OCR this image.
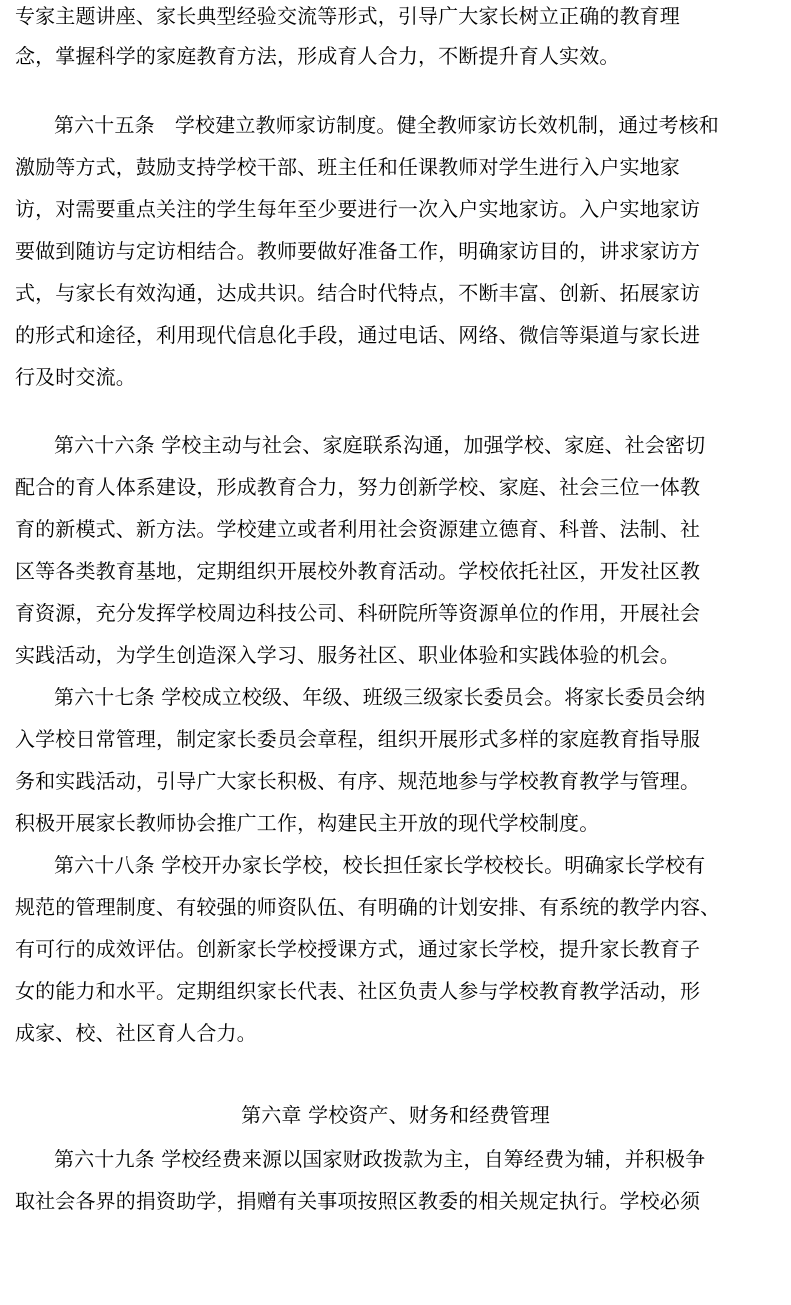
专家主题讲座、家长典型经验交流等形式，引导广大家长树立正确的教育理
念，掌握科学的家庭教育方法，形成育人合力，不断提升育人实效。
第六十五条　学校建立教师家访制度。健全教师家访长效机制，通过考核和
激励等方式，鼓励支持学校干部、班主任和任课教师对学生进行入户实地家
访，对需要重点关注的学生每年至少要进行一次入户实地家访。入户实地家访
要做到随访与定访相结合。教师要做好准备工作，明确家访目的，讲求家访方
式，与家长有效沟通，达成共识。结合时代特点，不断丰富、创新、拓展家访
的形式和途径，利用现代信息化手段，通过电话、网络、微信等渠道与家长进
行及时交流。
第六十六条 学校主动与社会、家庭联系沟通，加强学校、家庭、社会密切
配合的育人体系建设，形成教育合力，努力创新学校、家庭、社会三位一体教
育的新模式、新方法。学校建立或者利用社会资源建立德育、科普、法制、社
区等各类教育基地，定期组织开展校外教育活动。学校依托社区，开发社区教
育资源，充分发挥学校周边科技公司、科研院所等资源单位的作用，开展社会
实践活动，为学生创造深入学习、服务社区、职业体验和实践体验的机会。
第六十七条 学校成立校级、年级、班级三级家长委员会。将家长委员会纳
入学校日常管理，制定家长委员会章程，组织开展形式多样的家庭教育指导服
务和实践活动，引导广大家长积极、有序、规范地参与学校教育教学与管理。
积极开展家长教师协会推广工作，构建民主开放的现代学校制度。
第六十八条 学校开办家长学校，校长担任家长学校校长。明确家长学校有
规范的管理制度、有较强的师资队伍、有明确的计划安排、有系统的教学内容、
有可行的成效评估。创新家长学校授课方式，通过家长学校，提升家长教育子
女的能力和水平。定期组织家长代表、社区负责人参与学校教育教学活动，形
成家、校、社区育人合力。
第六章 学校资产、财务和经费管理
第六十九条 学校经费来源以国家财政拨款为主，自筹经费为辅，并积极争
取社会各界的捐资助学，捐赠有关事项按照区教委的相关规定执行。学校必须
